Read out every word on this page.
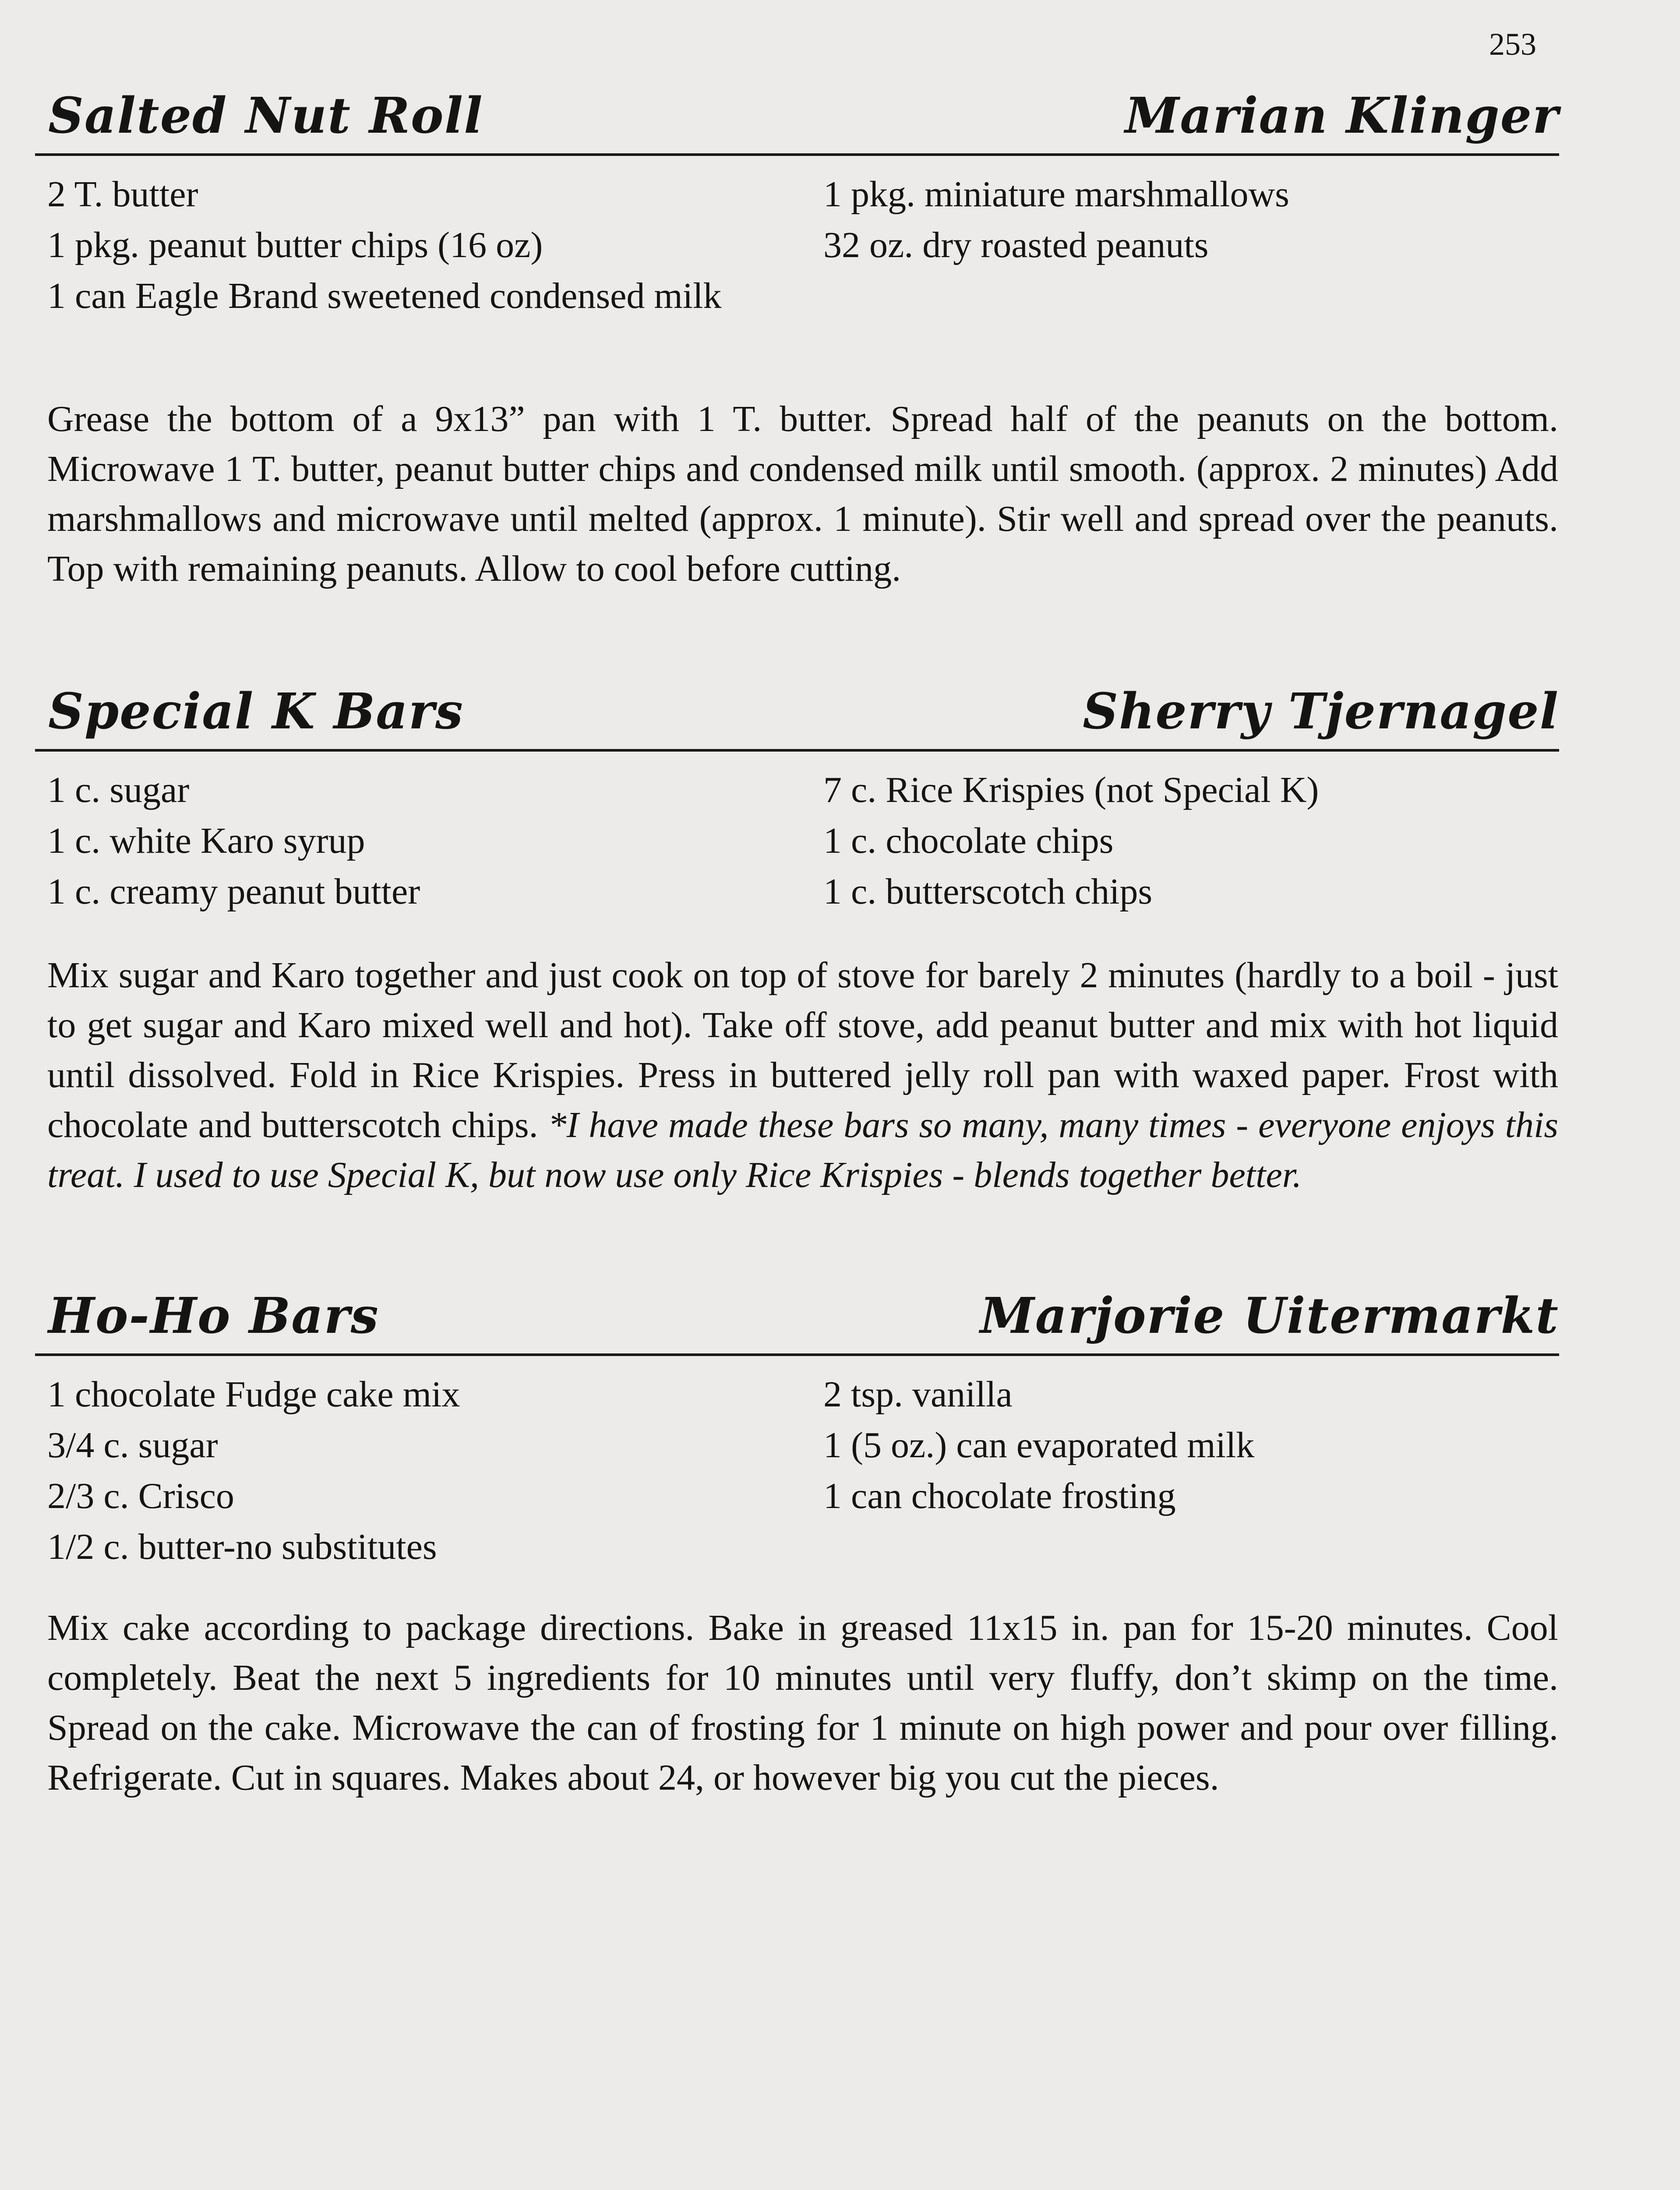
253
Salted Nut Roll	Marian Klinger
2 T. butter
1 pkg. peanut butter chips (16 oz)
1 can Eagle Brand sweetened condensed milk
1 pkg. miniature marshmallows
32 oz. dry roasted peanuts
Grease the bottom of a 9x13” pan with 1 T. butter. Spread half of the peanuts on the bottom. Microwave 1 T. butter, peanut butter chips and condensed milk until smooth. (approx. 2 minutes) Add marshmallows and microwave until melted (approx. 1 minute). Stir well and spread over the peanuts. Top with remaining peanuts. Allow to cool before cutting.
Special K Bars	Sherry Tjernagel
1 c. sugar
1 c. white Karo syrup
1 c. creamy peanut butter
7 c. Rice Krispies (not Special K)
1 c. chocolate chips
1 c. butterscotch chips
Mix sugar and Karo together and just cook on top of stove for barely 2 minutes (hardly to a boil - just to get sugar and Karo mixed well and hot). Take off stove, add peanut butter and mix with hot liquid until dissolved. Fold in Rice Krispies. Press in buttered jelly roll pan with waxed paper. Frost with chocolate and butterscotch chips. *I have made these bars so many, many times - everyone enjoys this treat. I used to use Special K, but now use only Rice Krispies - blends together better.
Ho-Ho Bars	Marjorie Uitermarkt
1 chocolate Fudge cake mix
3/4 c. sugar
2/3 c. Crisco
1/2 c. butter-no substitutes
2 tsp. vanilla
1 (5 oz.) can evaporated milk
1 can chocolate frosting
Mix cake according to package directions. Bake in greased 11x15 in. pan for 15-20 minutes. Cool completely. Beat the next 5 ingredients for 10 minutes until very fluffy, don’t skimp on the time. Spread on the cake. Microwave the can of frosting for 1 minute on high power and pour over filling. Refrigerate. Cut in squares. Makes about 24, or however big you cut the pieces.
